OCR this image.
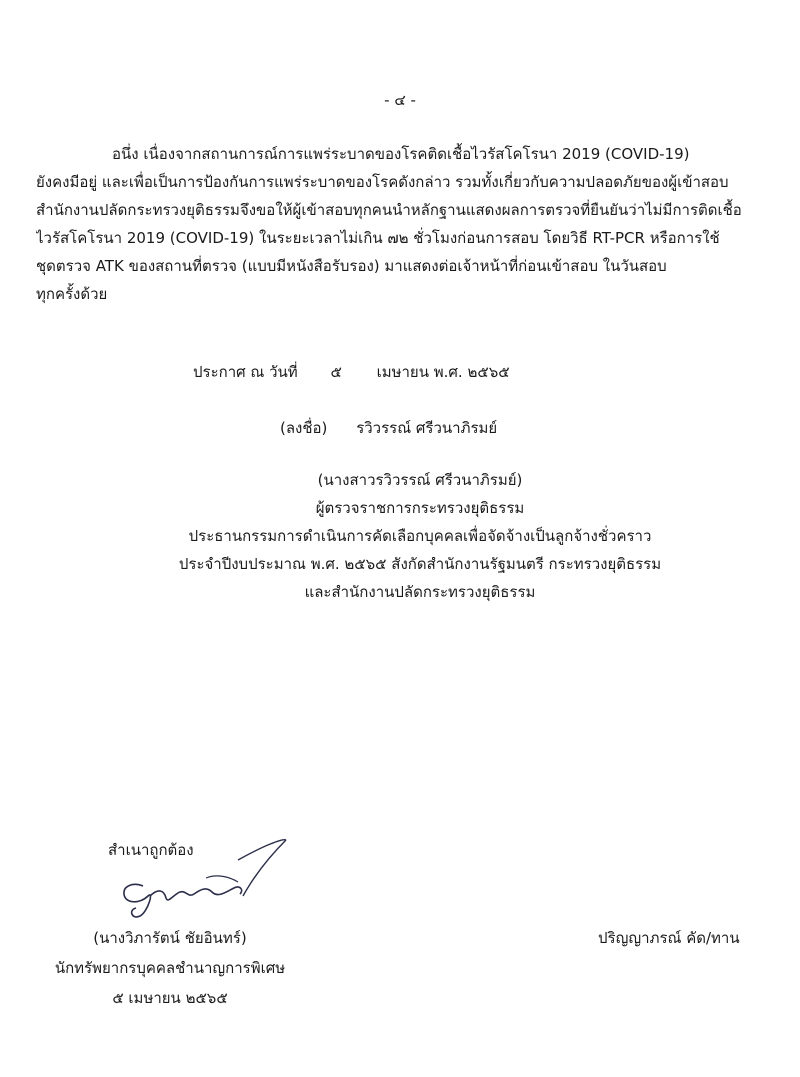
- ๔ -
อนึ่ง เนื่องจากสถานการณ์การแพร่ระบาดของโรคติดเชื้อไวรัสโคโรนา 2019 (COVID-19)
ยังคงมีอยู่ และเพื่อเป็นการป้องกันการแพร่ระบาดของโรคดังกล่าว รวมทั้งเกี่ยวกับความปลอดภัยของผู้เข้าสอบ
สำนักงานปลัดกระทรวงยุติธรรมจึงขอให้ผู้เข้าสอบทุกคนนำหลักฐานแสดงผลการตรวจที่ยืนยันว่าไม่มีการติดเชื้อ
ไวรัสโคโรนา 2019 (COVID-19) ในระยะเวลาไม่เกิน ๗๒ ชั่วโมงก่อนการสอบ โดยวิธี RT-PCR หรือการใช้
ชุดตรวจ ATK ของสถานที่ตรวจ (แบบมีหนังสือรับรอง) มาแสดงต่อเจ้าหน้าที่ก่อนเข้าสอบ ในวันสอบ
ทุกครั้งด้วย
ประกาศ ณ วันที่ ๕ เมษายน พ.ศ. ๒๕๖๕
(ลงชื่อ) รวิวรรณ์ ศรีวนาภิรมย์
(นางสาวรวิวรรณ์ ศรีวนาภิรมย์)
ผู้ตรวจราชการกระทรวงยุติธรรม
ประธานกรรมการดำเนินการคัดเลือกบุคคลเพื่อจัดจ้างเป็นลูกจ้างชั่วคราว
ประจำปีงบประมาณ พ.ศ. ๒๕๖๕ สังกัดสำนักงานรัฐมนตรี กระทรวงยุติธรรม
และสำนักงานปลัดกระทรวงยุติธรรม
สำเนาถูกต้อง
(นางวิภารัตน์ ชัยอินทร์)
นักทรัพยากรบุคคลชำนาญการพิเศษ
๕ เมษายน ๒๕๖๕
ปริญญาภรณ์ คัด/ทาน
